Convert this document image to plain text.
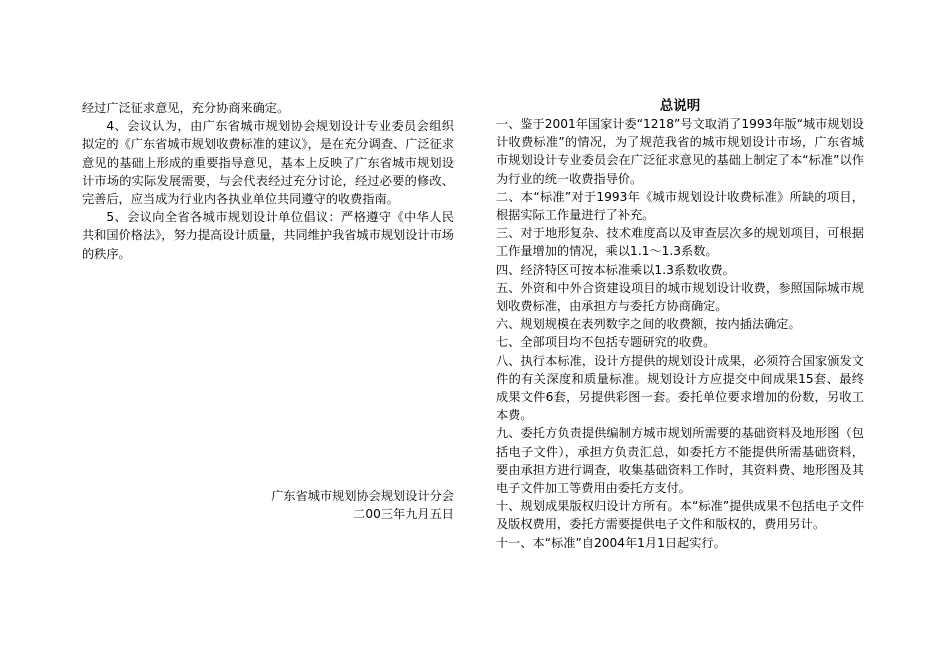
经过广泛征求意见，充分协商来确定。

4、会议认为，由广东省城市规划协会规划设计专业委员会组织拟定的《广东省城市规划收费标准的建议》，是在充分调查、广泛征求意见的基础上形成的重要指导意见，基本上反映了广东省城市规划设计市场的实际发展需要，与会代表经过充分讨论，经过必要的修改、完善后，应当成为行业内各执业单位共同遵守的收费指南。

5、会议向全省各城市规划设计单位倡议：严格遵守《中华人民共和国价格法》，努力提高设计质量，共同维护我省城市规划设计市场的秩序。

广东省城市规划协会规划设计分会
二00三年九月五日

总说明

一、鉴于2001年国家计委“1218”号文取消了1993年版“城市规划设计收费标准”的情况，为了规范我省的城市规划设计市场，广东省城市规划设计专业委员会在广泛征求意见的基础上制定了本“标准”以作为行业的统一收费指导价。

二、本“标准”对于1993年《城市规划设计收费标准》所缺的项目，根据实际工作量进行了补充。

三、对于地形复杂、技术难度高以及审查层次多的规划项目，可根据工作量增加的情况，乘以1.1～1.3系数。

四、经济特区可按本标准乘以1.3系数收费。

五、外资和中外合资建设项目的城市规划设计收费，参照国际城市规划收费标准，由承担方与委托方协商确定。

六、规划规模在表列数字之间的收费额，按内插法确定。

七、全部项目均不包括专题研究的收费。

八、执行本标准，设计方提供的规划设计成果，必须符合国家颁发文件的有关深度和质量标准。规划设计方应提交中间成果15套、最终成果文件6套，另提供彩图一套。委托单位要求增加的份数，另收工本费。

九、委托方负责提供编制方城市规划所需要的基础资料及地形图（包括电子文件），承担方负责汇总，如委托方不能提供所需基础资料，要由承担方进行调查，收集基础资料工作时，其资料费、地形图及其电子文件加工等费用由委托方支付。

十、规划成果版权归设计方所有。本“标准”提供成果不包括电子文件及版权费用，委托方需要提供电子文件和版权的，费用另计。

十一、本“标准”自2004年1月1日起实行。
